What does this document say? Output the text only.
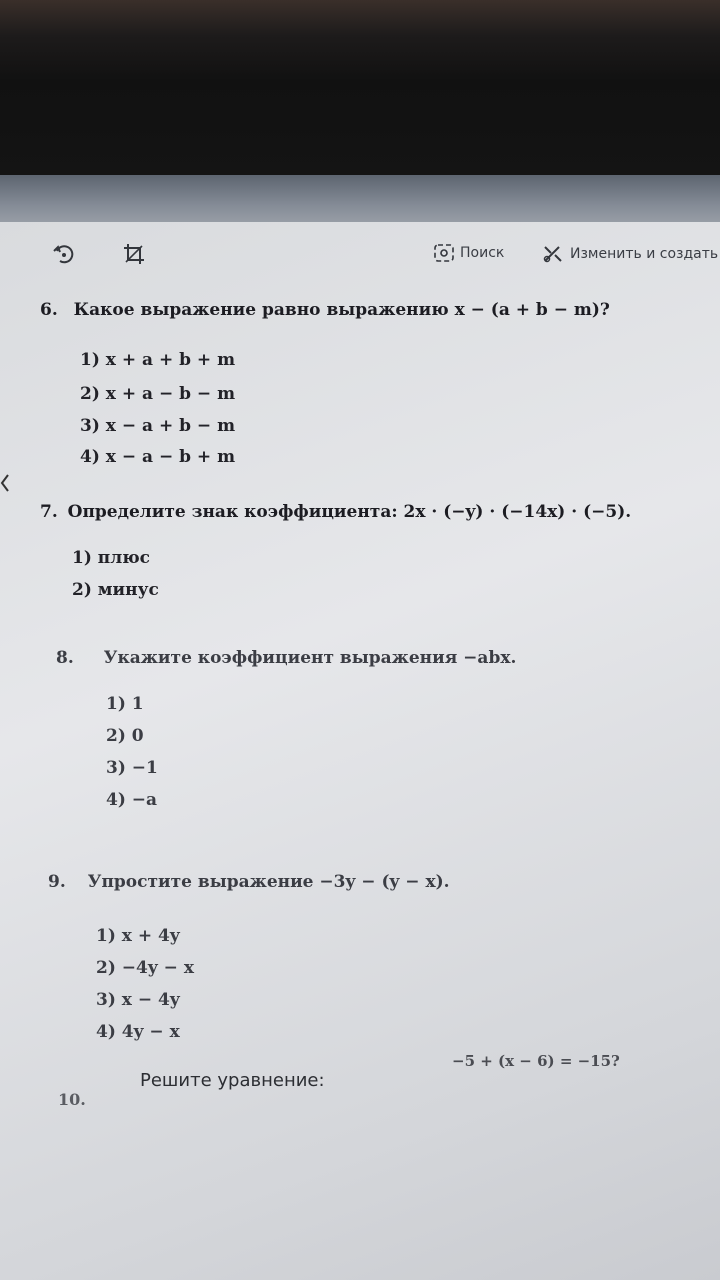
Поиск	Изменить и создать
6. Какое выражение равно выражению x − (a + b − m)?
1) x + a + b + m
2) x + a − b − m
3) x − a + b − m
4) x − a − b + m
7. Определите знак коэффициента: 2x · (−y) · (−14x) · (−5).
1) плюс
2) минус
8. Укажите коэффициент выражения −abx.
1) 1
2) 0
3) −1
4) −a
9. Упростите выражение −3y − (y − x).
1) x + 4y
2) −4y − x
3) x − 4y
4) 4y − x
10.
Решите уравнение:
−5 + (x − 6) = −15?
